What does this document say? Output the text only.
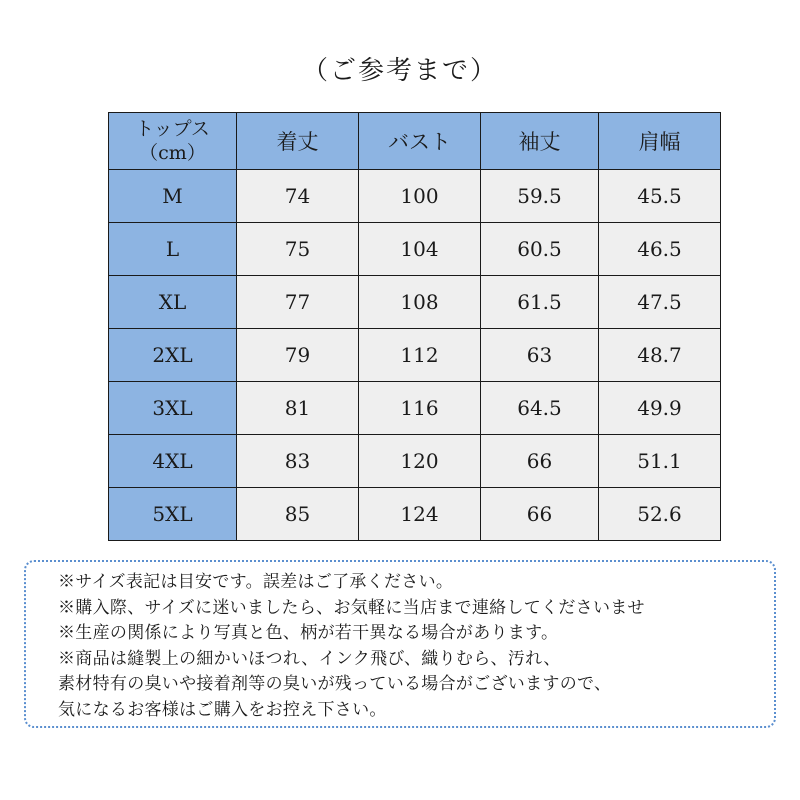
（ご参考まで）
トップス
（cm）	着丈	バスト	袖丈	肩幅
M	74	100	59.5	45.5
L	75	104	60.5	46.5
XL	77	108	61.5	47.5
2XL	79	112	63	48.7
3XL	81	116	64.5	49.9
4XL	83	120	66	51.1
5XL	85	124	66	52.6
※サイズ表記は目安です。誤差はご了承ください。
※購入際、サイズに迷いましたら、お気軽に当店まで連絡してくださいませ
※生産の関係により写真と色、柄が若干異なる場合があります。
※商品は縫製上の細かいほつれ、インク飛び、織りむら、汚れ、
素材特有の臭いや接着剤等の臭いが残っている場合がございますので、
気になるお客様はご購入をお控え下さい。
